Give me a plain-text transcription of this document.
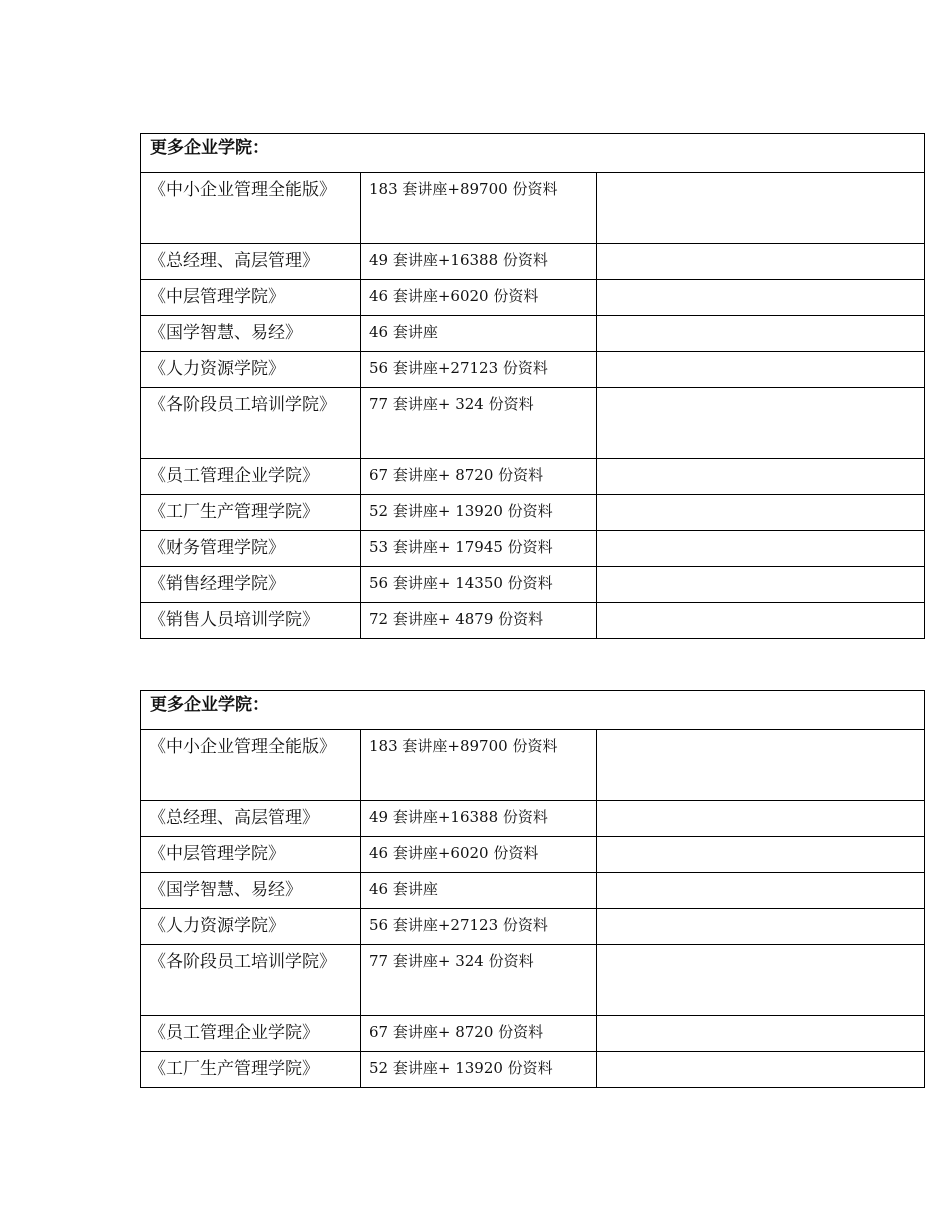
更多企业学院：		
《中小企业管理全能版》	183 套讲座+89700 份资料	
《总经理、高层管理》	49 套讲座+16388 份资料	
《中层管理学院》	46 套讲座+6020 份资料	
《国学智慧、易经》	46 套讲座	
《人力资源学院》	56 套讲座+27123 份资料	
《各阶段员工培训学院》	77 套讲座+ 324 份资料	
《员工管理企业学院》	67 套讲座+ 8720 份资料	
《工厂生产管理学院》	52 套讲座+ 13920 份资料	
《财务管理学院》	53 套讲座+ 17945 份资料	
《销售经理学院》	56 套讲座+ 14350 份资料	
《销售人员培训学院》	72 套讲座+ 4879 份资料	
更多企业学院：		
《中小企业管理全能版》	183 套讲座+89700 份资料	
《总经理、高层管理》	49 套讲座+16388 份资料	
《中层管理学院》	46 套讲座+6020 份资料	
《国学智慧、易经》	46 套讲座	
《人力资源学院》	56 套讲座+27123 份资料	
《各阶段员工培训学院》	77 套讲座+ 324 份资料	
《员工管理企业学院》	67 套讲座+ 8720 份资料	
《工厂生产管理学院》	52 套讲座+ 13920 份资料	
